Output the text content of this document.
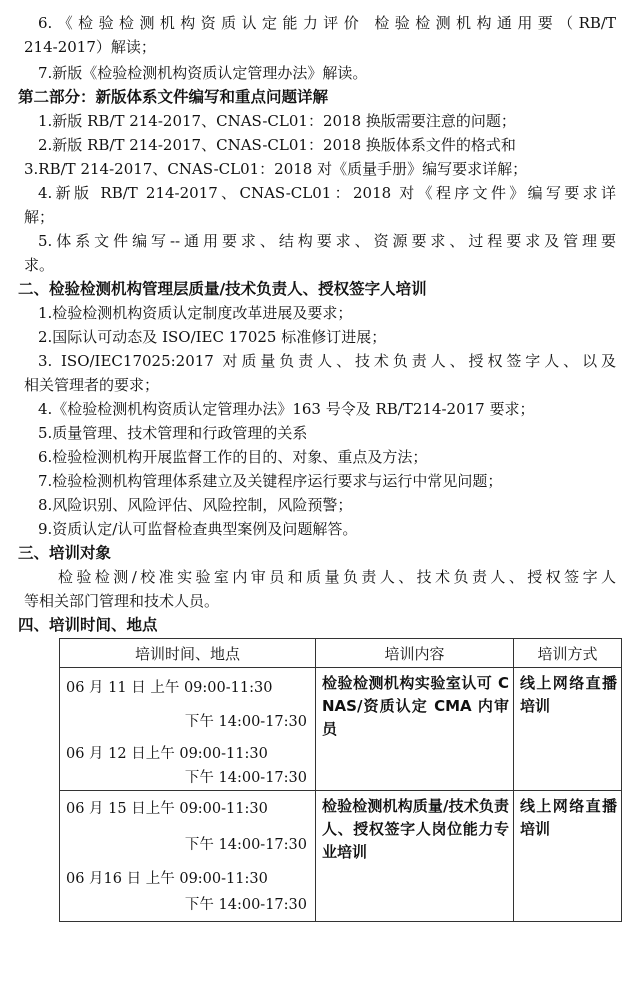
6.《检验检测机构资质认定能力评价 检验检测机构通用要（RB/T
214-2017）解读；
7.新版《检验检测机构资质认定管理办法》解读。
第二部分：新版体系文件编写和重点问题详解
1.新版 RB/T 214-2017、CNAS-CL01：2018 换版需要注意的问题；
2.新版 RB/T 214-2017、CNAS-CL01：2018 换版体系文件的格式和
3.RB/T 214-2017、CNAS-CL01：2018 对《质量手册》编写要求详解；
4.新版 RB/T 214-2017、CNAS-CL01：2018 对《程序文件》编写要求详
解；
5.体系文件编写--通用要求、结构要求、资源要求、过程要求及管理要
求。
二、检验检测机构管理层质量/技术负责人、授权签字人培训
1.检验检测机构资质认定制度改革进展及要求；
2.国际认可动态及 ISO/IEC 17025 标准修订进展；
3. ISO/IEC17025:2017 对质量负责人、技术负责人、授权签字人、以及
相关管理者的要求；
4.《检验检测机构资质认定管理办法》163 号令及 RB/T214-2017 要求；
5.质量管理、技术管理和行政管理的关系
6.检验检测机构开展监督工作的目的、对象、重点及方法；
7.检验检测机构管理体系建立及关键程序运行要求与运行中常见问题；
8.风险识别、风险评估、风险控制，风险预警；
9.资质认定/认可监督检查典型案例及问题解答。
三、培训对象
检验检测/校准实验室内审员和质量负责人、技术负责人、授权签字人
等相关部门管理和技术人员。
四、培训时间、地点
培训时间、地点	培训内容	培训方式

06 月 11 日 上午 09:00-11:30
下午 14:00-17:30
06 月 12 日上午 09:00-11:30
下午 14:00-17:30	检验检测机构实验室认可 CNAS/资质认定 CMA 内审员	线上网络直播培训

06 月 15 日上午 09:00-11:30
下午 14:00-17:30
06 月16 日 上午 09:00-11:30
下午 14:00-17:30	检验检测机构质量/技术负责人、授权签字人岗位能力专业培训	线上网络直播培训
